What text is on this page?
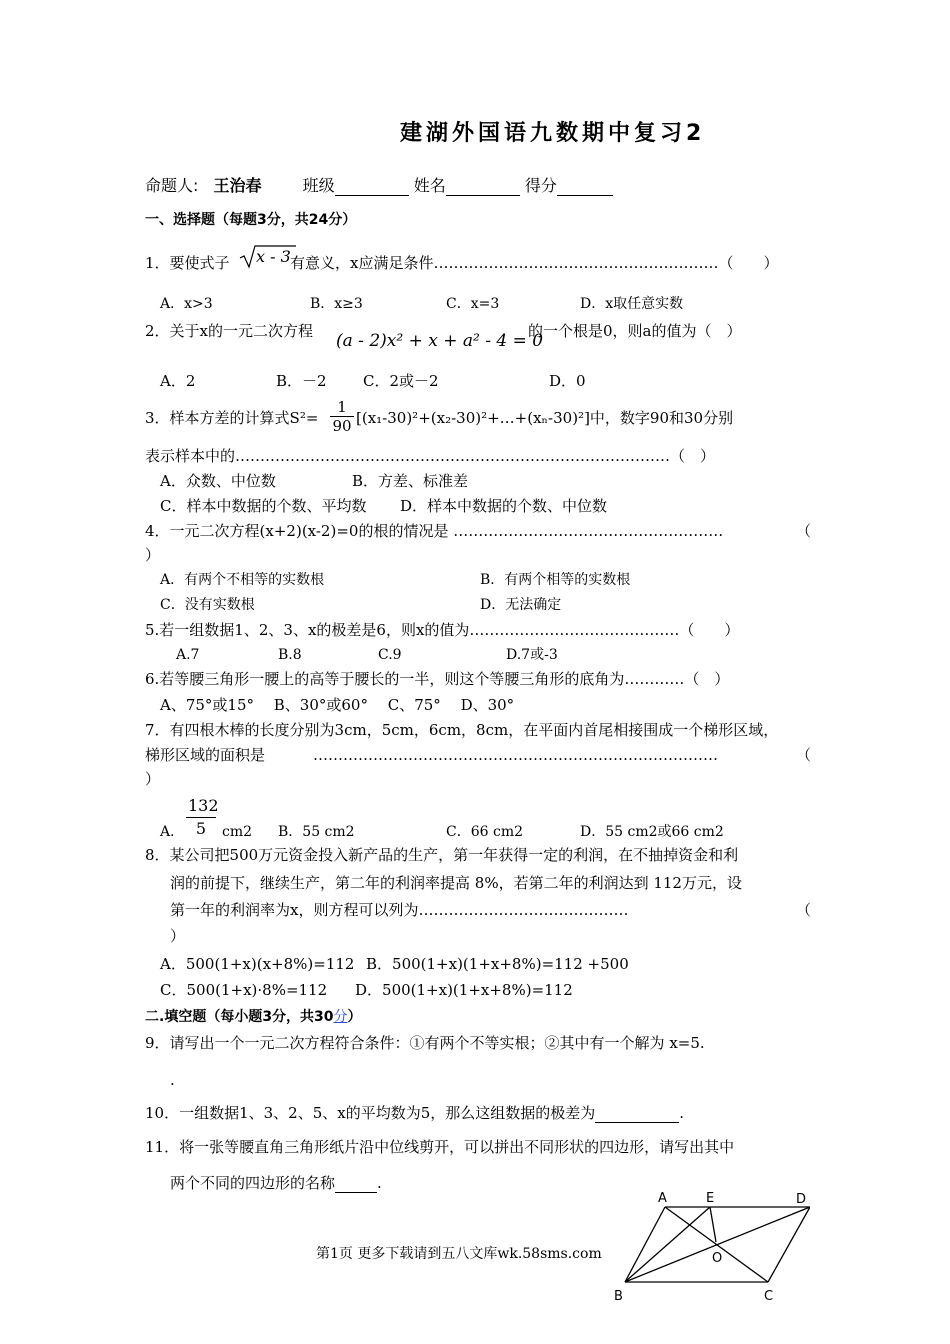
建湖外国语九数期中复习2
命题人: 王治春	班级	姓名	得分
一、选择题（每题3分，共24分）
1．要使式子 x - 3 有意义，x应满足条件…………………………………………………（　　）
A．x>3	B．x≥3	C．x=3	D．x取任意实数
2．关于x的一元二次方程 (a - 2)x² + x + a² - 4 = 0
的一个根是0，则a的值为（　）
A．2	B．－2 C．2或－2	D．0
3．样本方差的计算式$S^2= \frac{1}{90}$ [(x₁-30)²+(x₂-30)²+…+(xₙ-30)²]中，数字90和30分别
表示样本中的……………………………………………………………………………（　）
A．众数、中位数	B．方差、标准差
C．样本中数据的个数、平均数 D．样本中数据的个数、中位数
4．一元二次方程(x+2)(x-2)=0的根的情况是 ………………………………………………	（
）
A．有两个不相等的实数根	B．有两个相等的实数根
C．没有实数根	D．无法确定
5.若一组数据1、2、3、x的极差是6，则x的值为……………………………………（　　）
A.7	B.8	C.9	D.7或-3
6.若等腰三角形一腰上的高等于腰长的一半，则这个等腰三角形的底角为…………（　）
A、75°或15°　 B、30°或60°　 C、75°　 D、30°
7．有四根木棒的长度分别为3cm，5cm，6cm，8cm，在平面内首尾相接围成一个梯形区域，
梯形区域的面积是	………………………………………………………………………	（
）
$\frac{132}{5}$
A．	cm2 B．55 cm2	C．66 cm2	D．55 cm2或66 cm2
8．某公司把500万元资金投入新产品的生产，第一年获得一定的利润，在不抽掉资金和利
润的前提下，继续生产，第二年的利润率提高 8%，若第二年的利润达到 112万元，设
第一年的利润率为x，则方程可以列为……………………………………	（
）
A．500(1+x)(x+8%)=112 B．500(1+x)(1+x+8%)=112 +500
C．500(1+x)·8%=112 D．500(1+x)(1+x+8%)=112
二.填空题（每小题3分，共30分）
9．请写出一个一元二次方程符合条件：①有两个不等实根；②其中有一个解为 x=5.
.
10．一组数据1、3、2、5、x的平均数为5，那么这组数据的极差为	.
11．将一张等腰直角三角形纸片沿中位线剪开，可以拼出不同形状的四边形，请写出其中
两个不同的四边形的名称	.
第1页 更多下载请到五八文库wk.58sms.com
A	E	D
O
B	C
